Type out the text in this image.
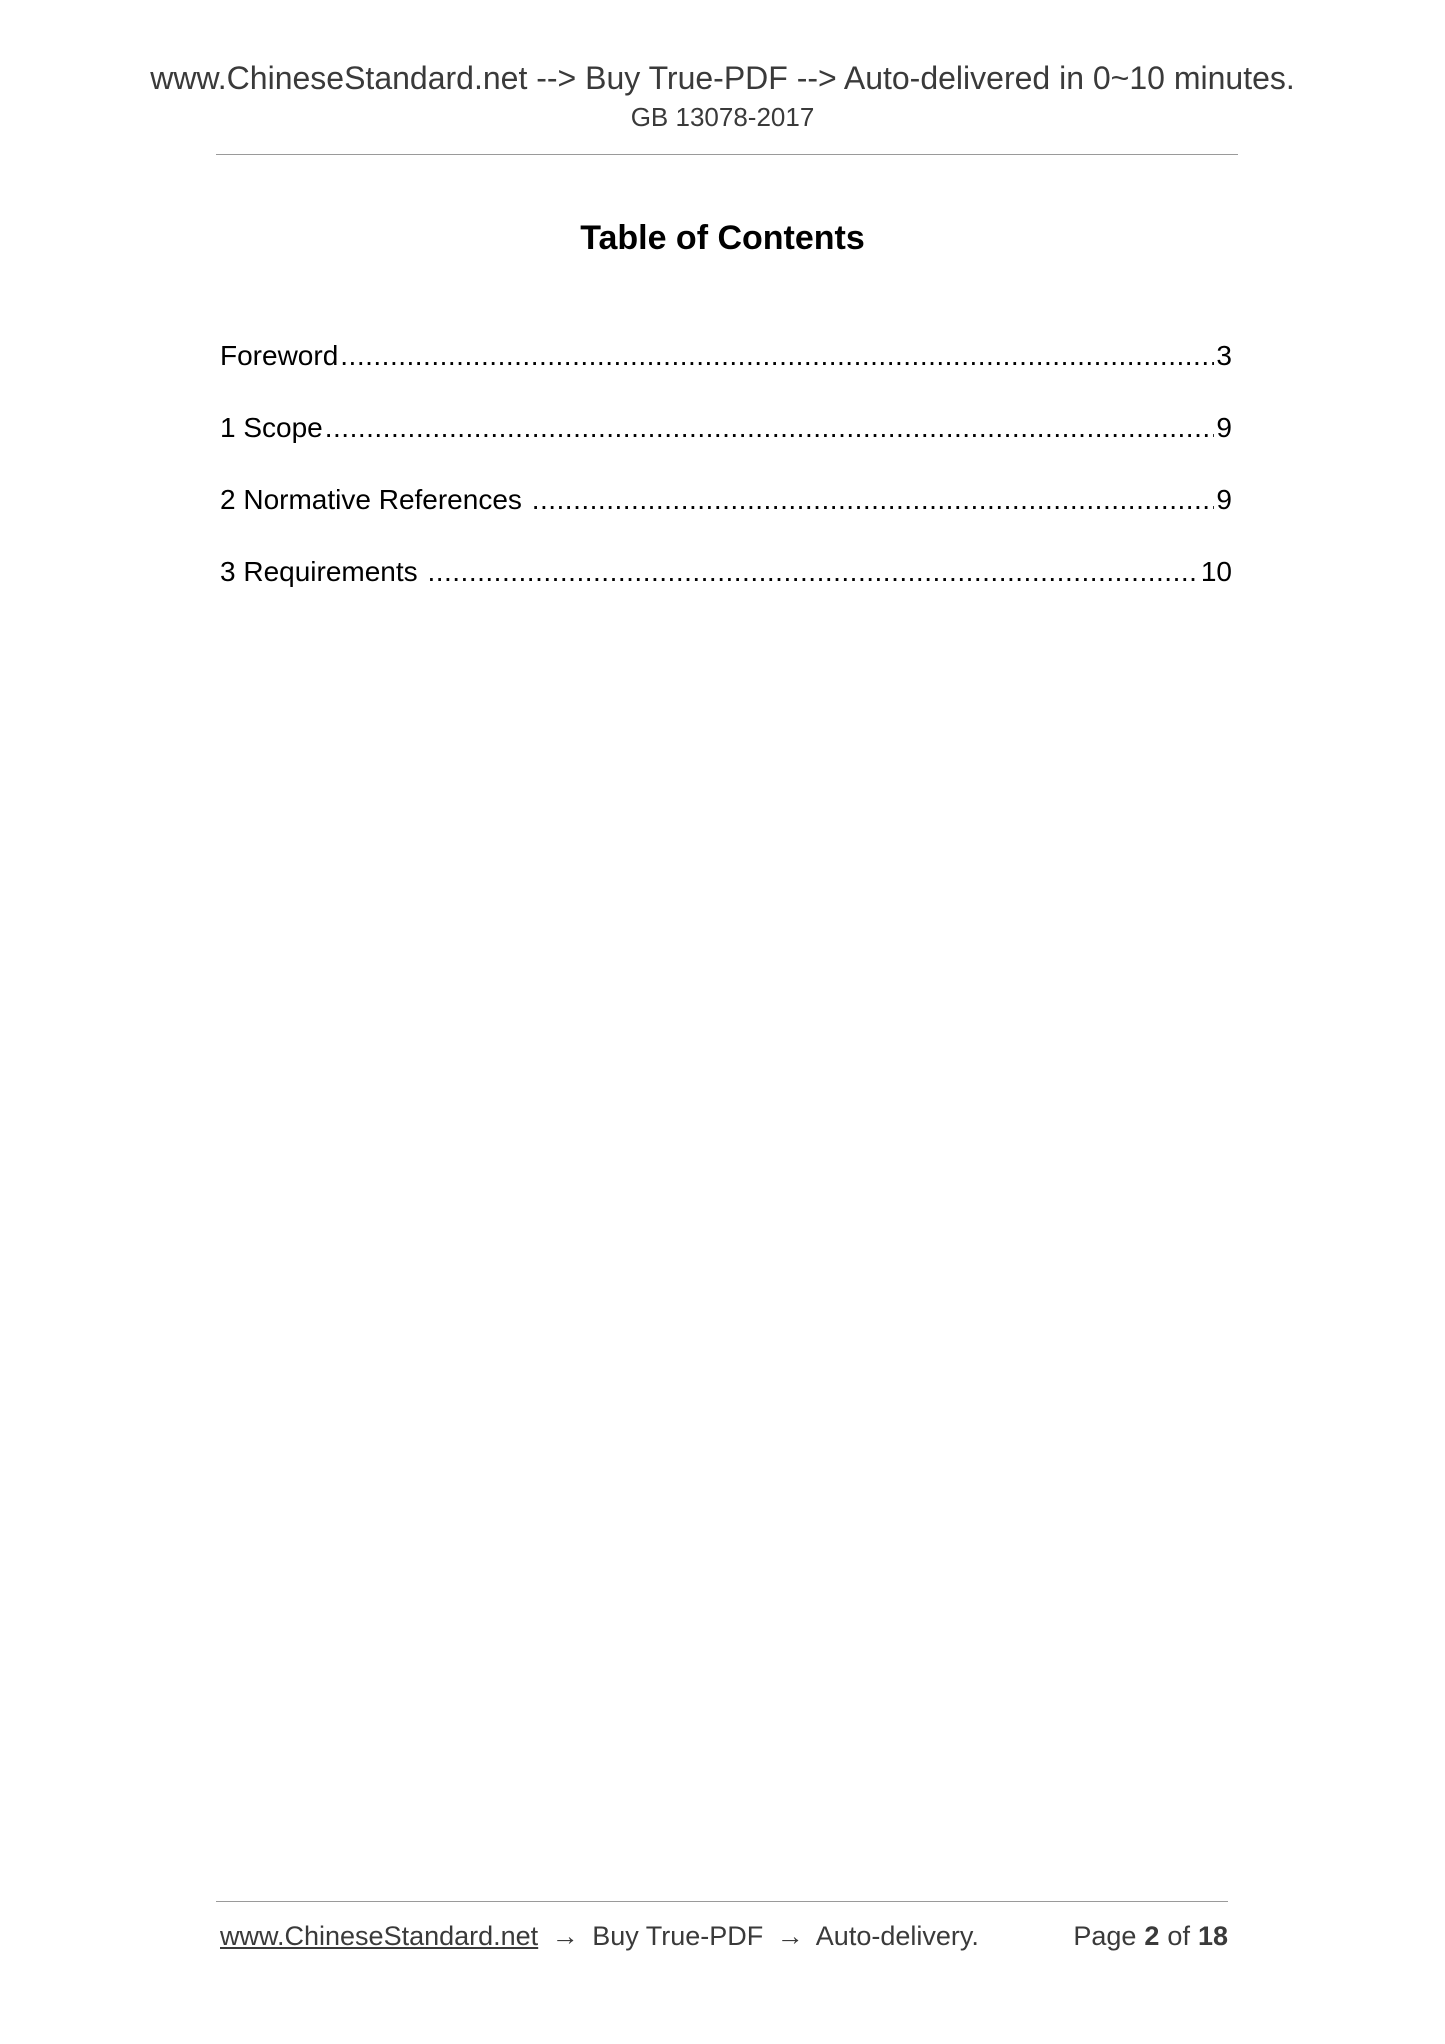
www.ChineseStandard.net --> Buy True-PDF --> Auto-delivered in 0~10 minutes.
GB 13078-2017
Table of Contents
Foreword .....	3
1 Scope .....	9
2 Normative References .....	9
3 Requirements .....	10
www.ChineseStandard.net → Buy True-PDF → Auto-delivery.	Page 2 of 18
